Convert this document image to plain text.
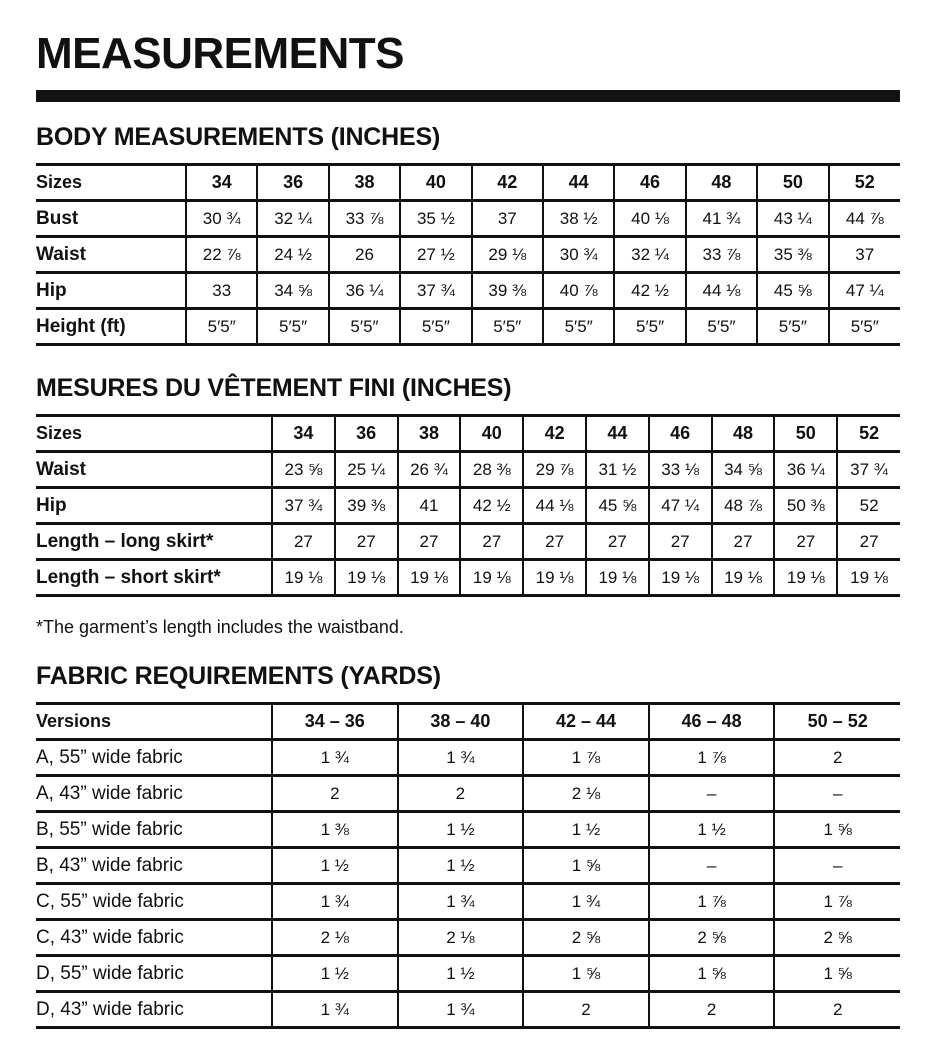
MEASUREMENTS
BODY MEASUREMENTS (INCHES)
Sizes	34	36	38	40	42	44	46	48	50	52
Bust	30 ¾	32 ¼	33 ⅞	35 ½	37	38 ½	40 ⅛	41 ¾	43 ¼	44 ⅞
Waist	22 ⅞	24 ½	26	27 ½	29 ⅛	30 ¾	32 ¼	33 ⅞	35 ⅜	37
Hip	33	34 ⅝	36 ¼	37 ¾	39 ⅜	40 ⅞	42 ½	44 ⅛	45 ⅝	47 ¼
Height (ft)	5′5″	5′5″	5′5″	5′5″	5′5″	5′5″	5′5″	5′5″	5′5″	5′5″
MESURES DU VÊTEMENT FINI (INCHES)
Sizes	34	36	38	40	42	44	46	48	50	52
Waist	23 ⅝	25 ¼	26 ¾	28 ⅜	29 ⅞	31 ½	33 ⅛	34 ⅝	36 ¼	37 ¾
Hip	37 ¾	39 ⅜	41	42 ½	44 ⅛	45 ⅝	47 ¼	48 ⅞	50 ⅜	52
Length – long skirt*	27	27	27	27	27	27	27	27	27	27
Length – short skirt*	19 ⅛	19 ⅛	19 ⅛	19 ⅛	19 ⅛	19 ⅛	19 ⅛	19 ⅛	19 ⅛	19 ⅛

*The garment’s length includes the waistband.

FABRIC REQUIREMENTS (YARDS)
Versions	34 – 36	38 – 40	42 – 44	46 – 48	50 – 52
A, 55” wide fabric	1 ¾	1 ¾	1 ⅞	1 ⅞	2
A, 43” wide fabric	2	2	2 ⅛	–	–
B, 55” wide fabric	1 ⅜	1 ½	1 ½	1 ½	1 ⅝
B, 43” wide fabric	1 ½	1 ½	1 ⅝	–	–
C, 55” wide fabric	1 ¾	1 ¾	1 ¾	1 ⅞	1 ⅞
C, 43” wide fabric	2 ⅛	2 ⅛	2 ⅝	2 ⅝	2 ⅝
D, 55” wide fabric	1 ½	1 ½	1 ⅝	1 ⅝	1 ⅝
D, 43” wide fabric	1 ¾	1 ¾	2	2	2
